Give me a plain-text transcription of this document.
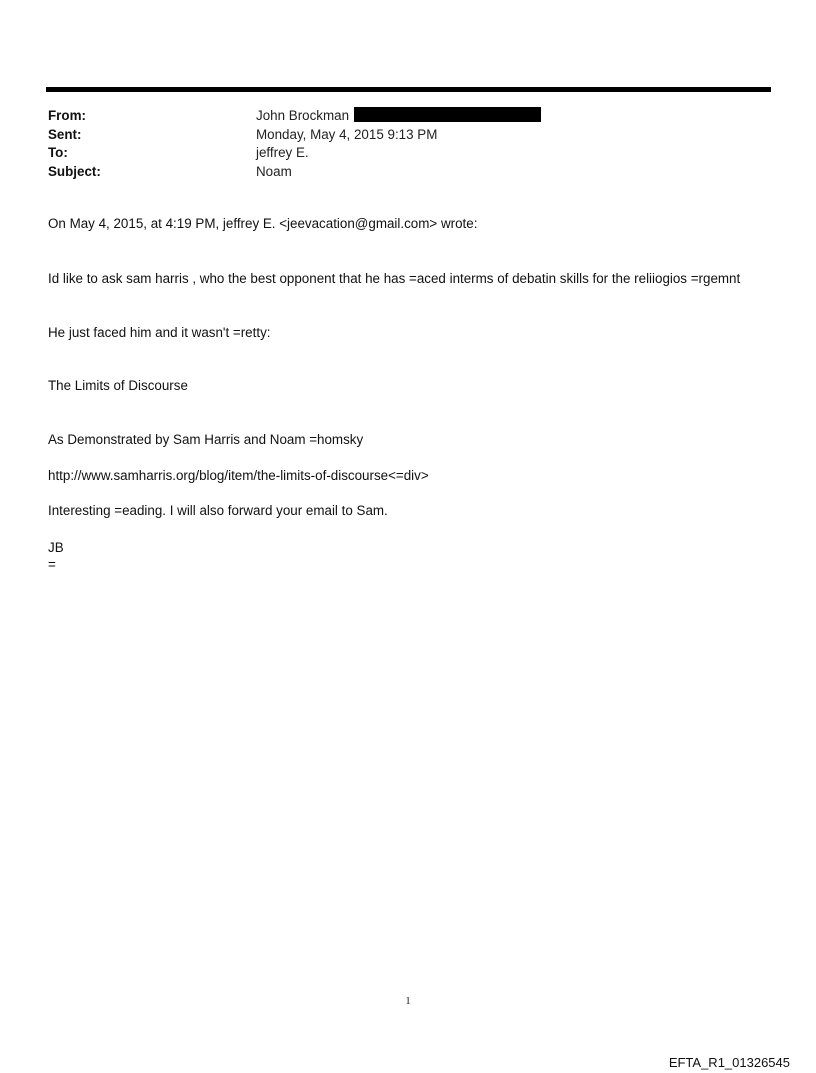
From:	John Brockman
Sent:	Monday, May 4, 2015 9:13 PM
To:	jeffrey E.
Subject:	Noam
On May 4, 2015, at 4:19 PM, jeffrey E. <jeevacation@gmail.com> wrote:
Id like to ask sam harris , who the best opponent that he has =aced interms of debatin skills for the reliiogios =rgemnt
He just faced him and it wasn't =retty:
The Limits of Discourse
As Demonstrated by Sam Harris and Noam =homsky
http://www.samharris.org/blog/item/the-limits-of-discourse<=div>
Interesting =eading. I will also forward your email to Sam.
JB
=
1
EFTA_R1_01326545
